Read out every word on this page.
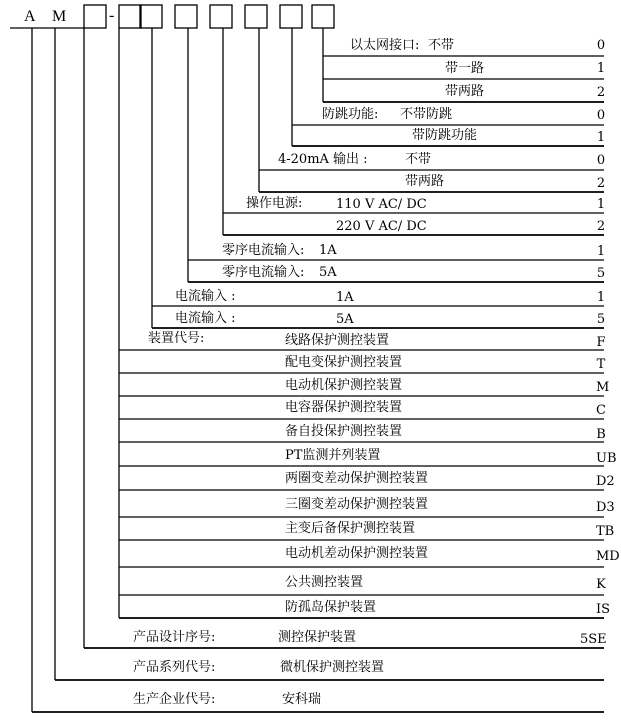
A M	-
以太网接口: 不带	0
带一路	1
带两路	2
防跳功能: 不带防跳	0
带防跳功能	1
4-20mA 输出 :	不带	0
带两路	2
操作电源:	110 V AC/ DC	1
220 V AC/ DC	2
零序电流输入: 1A	1
零序电流输入: 5A	5
电流输入 :	1A	1
电流输入 :	5A	5
装置代号:	线路保护测控装置	F
配电变保护测控装置	T
电动机保护测控装置	M
电容器保护测控装置	C
备自投保护测控装置	B
PT监测并列装置	UB
两圈变差动保护测控装置	D2
三圈变差动保护测控装置	D3
主变后备保护测控装置	TB
电动机差动保护测控装置	MD
公共测控装置	K
防孤岛保护装置	IS
产品设计序号:	测控保护装置	5SE
产品系列代号:	微机保护测控装置
生产企业代号:	安科瑞
